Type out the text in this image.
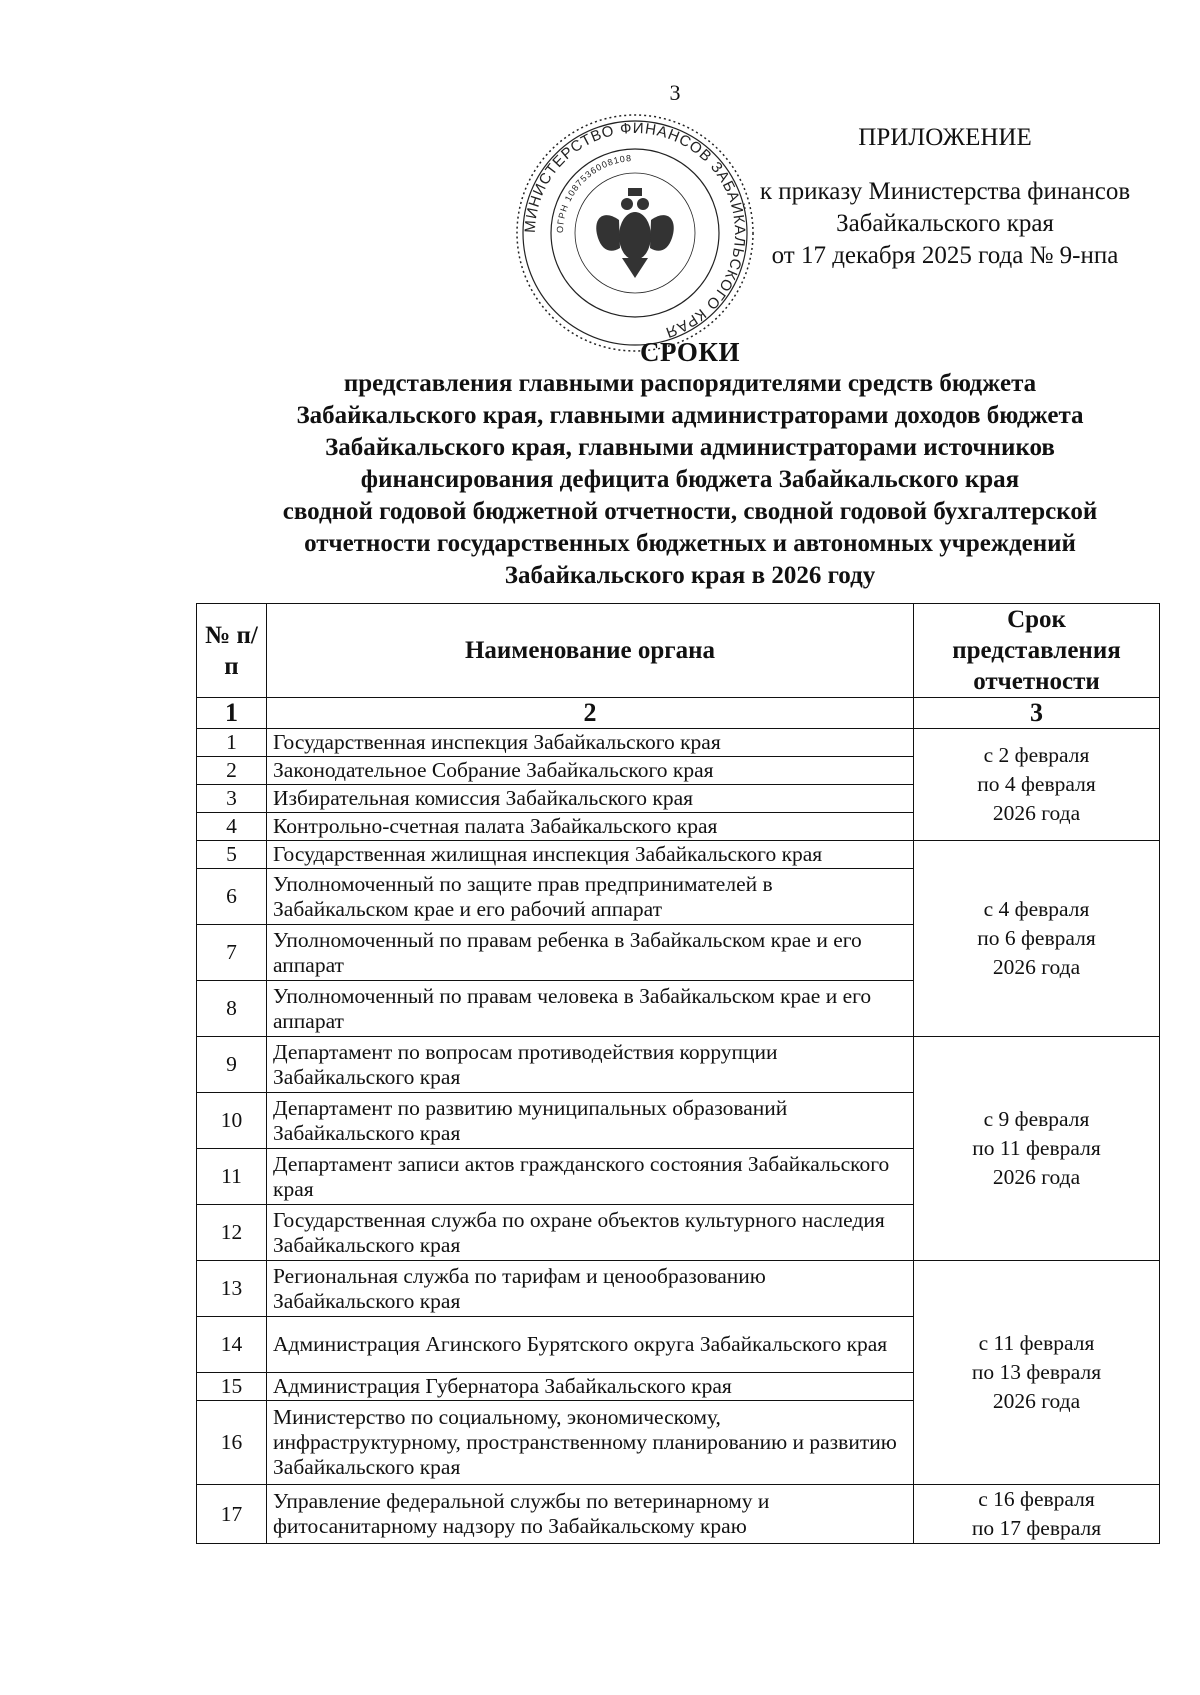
3
МИНИСТЕРСТВО ФИНАНСОВ ЗАБАЙКАЛЬСКОГО КРАЯ
ОГРН 1087536008108
ПРИЛОЖЕНИЕ
к приказу Министерства финансов
Забайкальского края
от 17 декабря 2025 года № 9-нпа
СРОКИ
представления главными распорядителями средств бюджета
Забайкальского края, главными администраторами доходов бюджета
Забайкальского края, главными администраторами источников
финансирования дефицита бюджета Забайкальского края
сводной годовой бюджетной отчетности, сводной годовой бухгалтерской
отчетности государственных бюджетных и автономных учреждений
Забайкальского края в 2026 году
№ п/п	Наименование органа	Срок представления отчетности
1	2	3
1	Государственная инспекция Забайкальского края	с 2 февраля
по 4 февраля
2026 года

2	Законодательное Собрание Забайкальского края	
3	Избирательная комиссия Забайкальского края	
4	Контрольно-счетная палата Забайкальского края	
5	Государственная жилищная инспекция Забайкальского края	с 4 февраля
по 6 февраля
2026 года

6	Уполномоченный по защите прав предпринимателей в Забайкальском крае и его рабочий аппарат	
7	Уполномоченный по правам ребенка в Забайкальском крае и его аппарат	
8	Уполномоченный по правам человека в Забайкальском крае и его аппарат	
9	Департамент по вопросам противодействия коррупции Забайкальского края	с 9 февраля
по 11 февраля
2026 года

10	Департамент по развитию муниципальных образований Забайкальского края	
11	Департамент записи актов гражданского состояния Забайкальского края	
12	Государственная служба по охране объектов культурного наследия Забайкальского края	
13	Региональная служба по тарифам и ценообразованию Забайкальского края	с 11 февраля
по 13 февраля
2026 года

14	Администрация Агинского Бурятского округа Забайкальского края	
15	Администрация Губернатора Забайкальского края	
16	Министерство по социальному, экономическому, инфраструктурному, пространственному планированию и развитию Забайкальского края	
17	Управление федеральной службы по ветеринарному и фитосанитарному надзору по Забайкальскому краю	с 16 февраля
по 17 февраля
